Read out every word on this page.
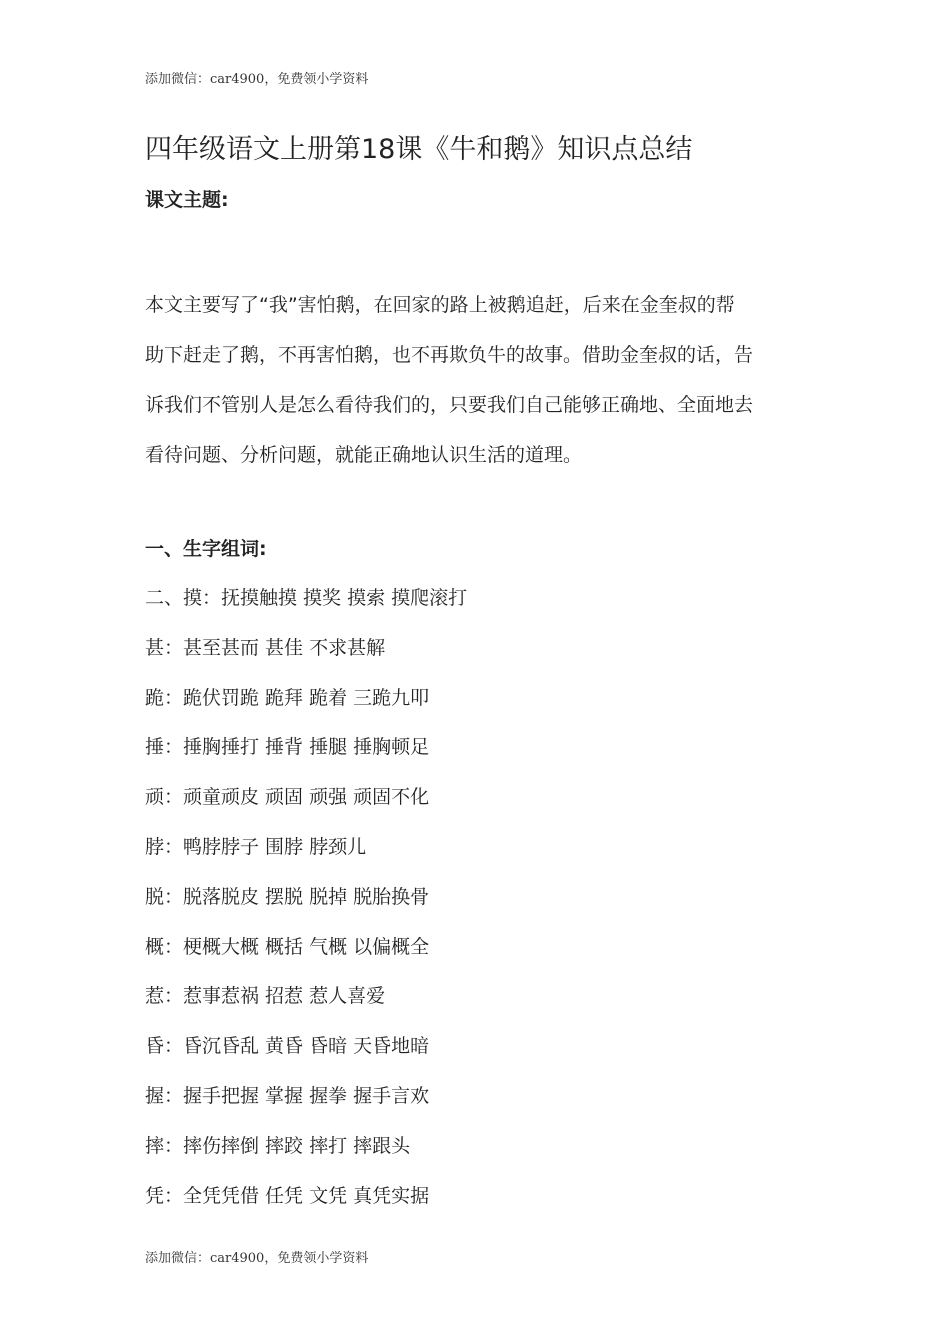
添加微信：car4900，免费领小学资料
四年级语文上册第18课《牛和鹅》知识点总结
课文主题:

本文主要写了“我”害怕鹅，在回家的路上被鹅追赶，后来在金奎叔的帮
助下赶走了鹅，不再害怕鹅，也不再欺负牛的故事。借助金奎叔的话，告
诉我们不管别人是怎么看待我们的，只要我们自己能够正确地、全面地去
看待问题、分析问题，就能正确地认识生活的道理。

一、生字组词:
二、摸：抚摸触摸 摸奖 摸索 摸爬滚打
甚：甚至甚而 甚佳 不求甚解
跪：跪伏罚跪 跪拜 跪着 三跪九叩
捶：捶胸捶打 捶背 捶腿 捶胸顿足
顽：顽童顽皮 顽固 顽强 顽固不化
脖：鸭脖脖子 围脖 脖颈儿
脱：脱落脱皮 摆脱 脱掉 脱胎换骨
概：梗概大概 概括 气概 以偏概全
惹：惹事惹祸 招惹 惹人喜爱
昏：昏沉昏乱 黄昏 昏暗 天昏地暗
握：握手把握 掌握 握拳 握手言欢
摔：摔伤摔倒 摔跤 摔打 摔跟头
凭：全凭凭借 任凭 文凭 真凭实据
添加微信：car4900，免费领小学资料
